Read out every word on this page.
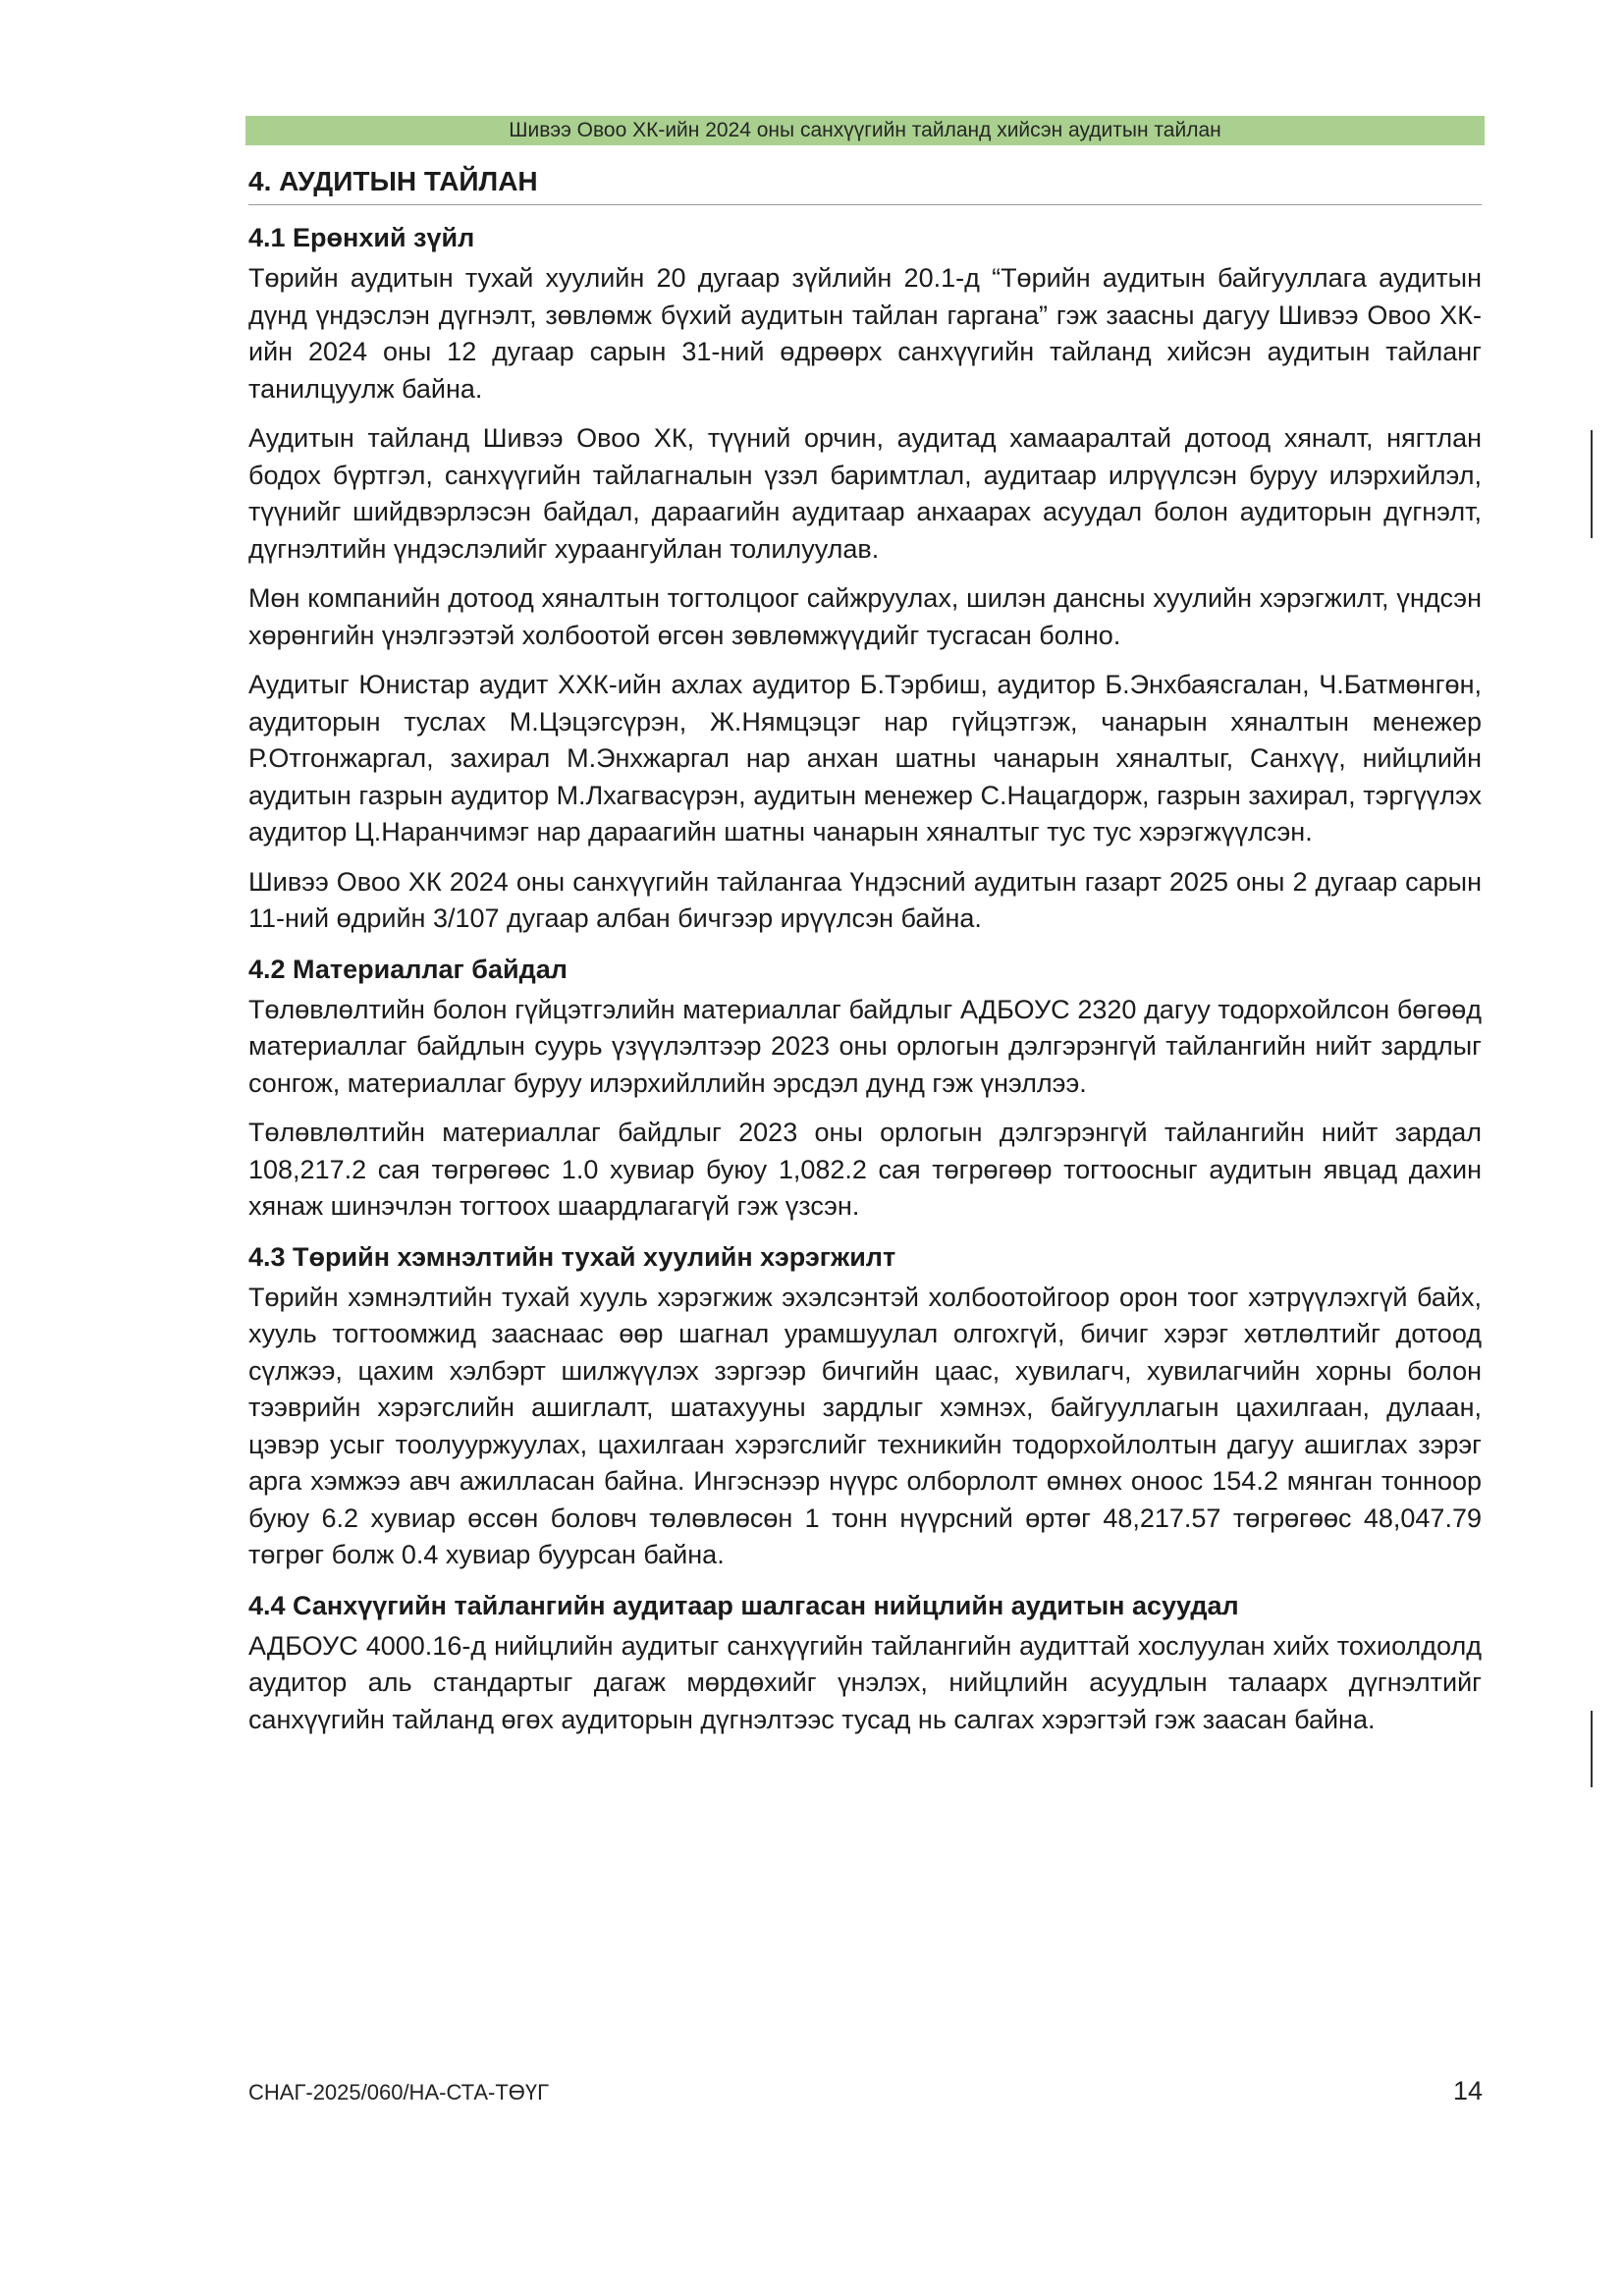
Шивээ Овоо ХК-ийн 2024 оны санхүүгийн тайланд хийсэн аудитын тайлан
4. АУДИТЫН ТАЙЛАН
4.1 Ерөнхий зүйл

Төрийн аудитын тухай хуулийн 20 дугаар зүйлийн 20.1-д “Төрийн аудитын байгууллага аудитын дүнд үндэслэн дүгнэлт, зөвлөмж бүхий аудитын тайлан гаргана” гэж заасны дагуу Шивээ Овоо ХК-ийн 2024 оны 12 дугаар сарын 31-ний өдрөөрх санхүүгийн тайланд хийсэн аудитын тайланг танилцуулж байна.

Аудитын тайланд Шивээ Овоо ХК, түүний орчин, аудитад хамааралтай дотоод хяналт, нягтлан бодох бүртгэл, санхүүгийн тайлагналын үзэл баримтлал, аудитаар илрүүлсэн буруу илэрхийлэл, түүнийг шийдвэрлэсэн байдал, дараагийн аудитаар анхаарах асуудал болон аудиторын дүгнэлт, дүгнэлтийн үндэслэлийг хураангуйлан толилуулав.

Мөн компанийн дотоод хяналтын тогтолцоог сайжруулах, шилэн дансны хуулийн хэрэгжилт, үндсэн хөрөнгийн үнэлгээтэй холбоотой өгсөн зөвлөмжүүдийг тусгасан болно.

Аудитыг Юнистар аудит ХХК-ийн ахлах аудитор Б.Тэрбиш, аудитор Б.Энхбаясгалан, Ч.Батмөнгөн, аудиторын туслах М.Цэцэгсүрэн, Ж.Нямцэцэг нар гүйцэтгэж, чанарын хяналтын менежер Р.Отгонжаргал, захирал М.Энхжаргал нар анхан шатны чанарын хяналтыг, Санхүү, нийцлийн аудитын газрын аудитор М.Лхагвасүрэн, аудитын менежер С.Нацагдорж, газрын захирал, тэргүүлэх аудитор Ц.Наранчимэг нар дараагийн шатны чанарын хяналтыг тус тус хэрэгжүүлсэн.

Шивээ Овоо ХК 2024 оны санхүүгийн тайлангаа Үндэсний аудитын газарт 2025 оны 2 дугаар сарын 11-ний өдрийн 3/107 дугаар албан бичгээр ирүүлсэн байна.

4.2 Материаллаг байдал

Төлөвлөлтийн болон гүйцэтгэлийн материаллаг байдлыг АДБОУС 2320 дагуу тодорхойлсон бөгөөд материаллаг байдлын суурь үзүүлэлтээр 2023 оны орлогын дэлгэрэнгүй тайлангийн нийт зардлыг сонгож, материаллаг буруу илэрхийллийн эрсдэл дунд гэж үнэллээ.

Төлөвлөлтийн материаллаг байдлыг 2023 оны орлогын дэлгэрэнгүй тайлангийн нийт зардал 108,217.2 сая төгрөгөөс 1.0 хувиар буюу 1,082.2 сая төгрөгөөр тогтоосныг аудитын явцад дахин хянаж шинэчлэн тогтоох шаардлагагүй гэж үзсэн.

4.3 Төрийн хэмнэлтийн тухай хуулийн хэрэгжилт

Төрийн хэмнэлтийн тухай хууль хэрэгжиж эхэлсэнтэй холбоотойгоор орон тоог хэтрүүлэхгүй байх, хууль тогтоомжид зааснаас өөр шагнал урамшуулал олгохгүй, бичиг хэрэг хөтлөлтийг дотоод сүлжээ, цахим хэлбэрт шилжүүлэх зэргээр бичгийн цаас, хувилагч, хувилагчийн хорны болон тээврийн хэрэгслийн ашиглалт, шатахууны зардлыг хэмнэх, байгууллагын цахилгаан, дулаан, цэвэр усыг тоолууржуулах, цахилгаан хэрэгслийг техникийн тодорхойлолтын дагуу ашиглах зэрэг арга хэмжээ авч ажилласан байна. Ингэснээр нүүрс олборлолт өмнөх оноос 154.2 мянган тонноор буюу 6.2 хувиар өссөн боловч төлөвлөсөн 1 тонн нүүрсний өртөг 48,217.57 төгрөгөөс 48,047.79 төгрөг болж 0.4 хувиар буурсан байна.

4.4 Санхүүгийн тайлангийн аудитаар шалгасан нийцлийн аудитын асуудал

АДБОУС 4000.16-д нийцлийн аудитыг санхүүгийн тайлангийн аудиттай хослуулан хийх тохиолдолд аудитор аль стандартыг дагаж мөрдөхийг үнэлэх, нийцлийн асуудлын талаарх дүгнэлтийг санхүүгийн тайланд өгөх аудиторын дүгнэлтээс тусад нь салгах хэрэгтэй гэж заасан байна.

СНАГ-2025/060/НА-СТА-ТӨҮГ	14
